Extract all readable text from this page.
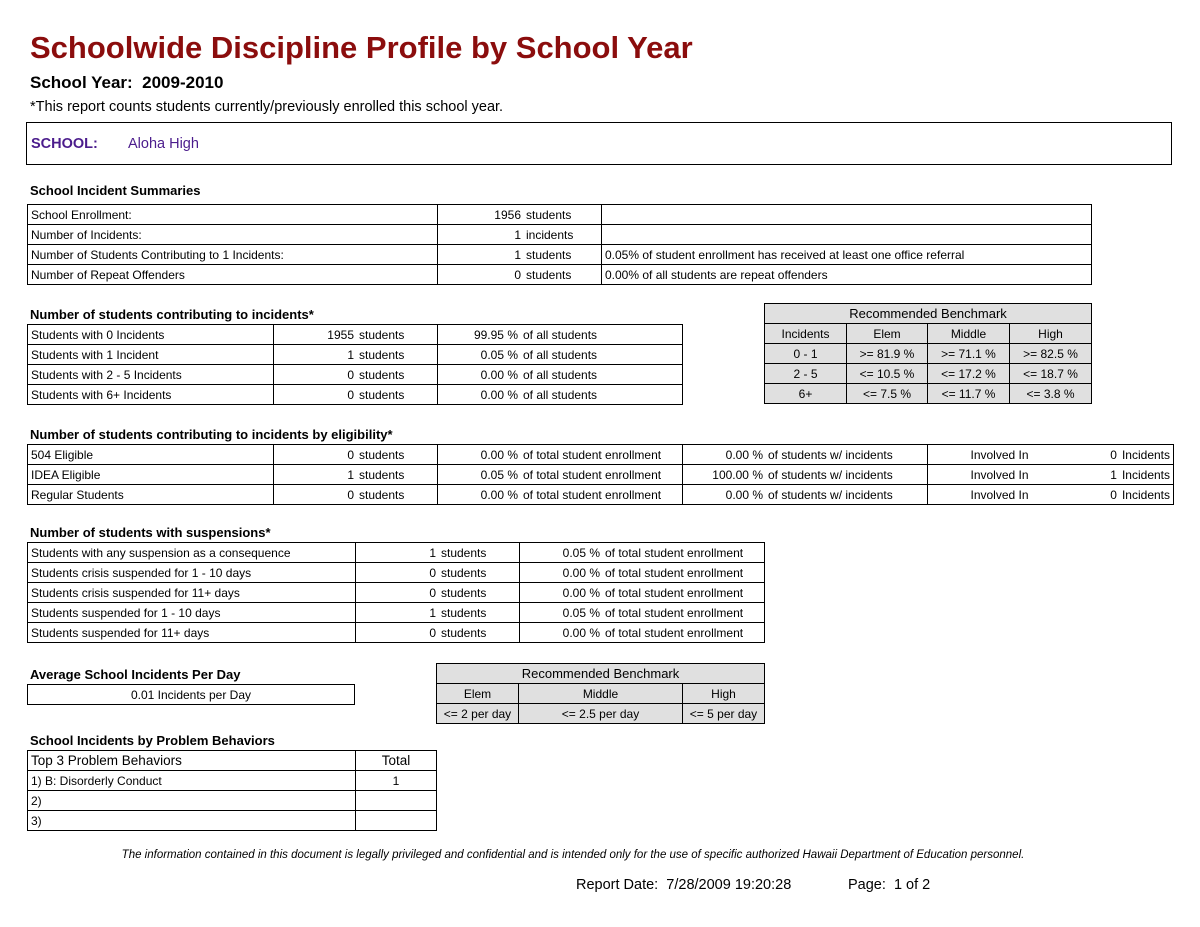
Schoolwide Discipline Profile by School Year
School Year: 2009-2010
*This report counts students currently/previously enrolled this school year.
SCHOOL: Aloha High
School Incident Summaries
School Enrollment:	1956 students	

Number of Incidents:	1 incidents	

Number of Students Contributing to 1 Incidents:	1 students	0.05% of student enrollment has received at least one office referral
Number of Repeat Offenders	0 students	0.00% of all students are repeat offenders
Number of students contributing to incidents*
Students with 0 Incidents	1955 students	99.95 % of all students

Students with 1 Incident	1 students	0.05 % of all students

Students with 2 - 5 Incidents	0 students	0.00 % of all students

Students with 6+ Incidents	0 students	0.00 % of all students
Recommended Benchmark			
Incidents	Elem	Middle	High
0 - 1	>= 81.9 %	>= 71.1 %	>= 82.5 %
2 - 5	<= 10.5 %	<= 17.2 %	<= 18.7 %
6+	<= 7.5 %	<= 11.7 %	<= 3.8 %
Number of students contributing to incidents by eligibility*
504 Eligible	0 students	0.00 % of total student enrollment	0.00 % of students w/ incidents	Involved In 0 Incidents

IDEA Eligible	1 students	0.05 % of total student enrollment	100.00 % of students w/ incidents	Involved In 1 Incidents

Regular Students	0 students	0.00 % of total student enrollment	0.00 % of students w/ incidents	Involved In 0 Incidents
Number of students with suspensions*
Students with any suspension as a consequence	1 students	0.05 % of total student enrollment

Students crisis suspended for 1 - 10 days	0 students	0.00 % of total student enrollment

Students crisis suspended for 11+ days	0 students	0.00 % of total student enrollment

Students suspended for 1 - 10 days	1 students	0.05 % of total student enrollment

Students suspended for 11+ days	0 students	0.00 % of total student enrollment
Average School Incidents Per Day
0.01 Incidents per Day
Recommended Benchmark		
Elem	Middle	High
<= 2 per day	<= 2.5 per day	<= 5 per day
School Incidents by Problem Behaviors
Top 3 Problem Behaviors	Total
1) B: Disorderly Conduct	1
2)	
3)	
The information contained in this document is legally privileged and confidential and is intended only for the use of specific authorized Hawaii Department of Education personnel.
Report Date: 7/28/2009 19:20:28	Page: 1 of 2
